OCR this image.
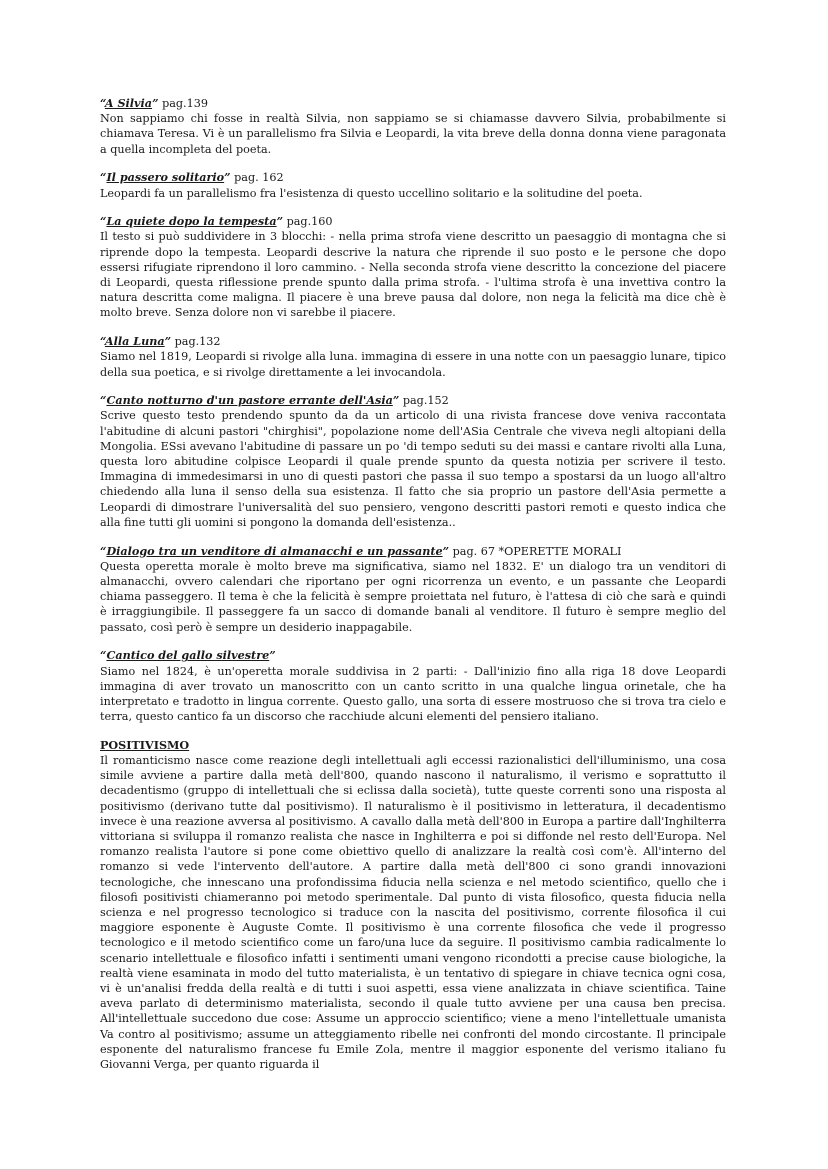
“A Silvia” pag.139

Non sappiamo chi fosse in realtà Silvia, non sappiamo se si chiamasse davvero Silvia, probabilmente si chiamava Teresa. Vi è un parallelismo fra Silvia e Leopardi, la vita breve della donna donna viene paragonata a quella incompleta del poeta.

“Il passero solitario” pag. 162

Leopardi fa un parallelismo fra l'esistenza di questo uccellino solitario e la solitudine del poeta.

“La quiete dopo la tempesta” pag.160

Il testo si può suddividere in 3 blocchi: - nella prima strofa viene descritto un paesaggio di montagna che si riprende dopo la tempesta. Leopardi descrive la natura che riprende il suo posto e le persone che dopo essersi rifugiate riprendono il loro cammino. - Nella seconda strofa viene descritto la concezione del piacere di Leopardi, questa riflessione prende spunto dalla prima strofa. - l'ultima strofa è una invettiva contro la natura descritta come maligna. Il piacere è una breve pausa dal dolore, non nega la felicità ma dice chè è molto breve. Senza dolore non vi sarebbe il piacere.

“Alla Luna” pag.132

Siamo nel 1819, Leopardi si rivolge alla luna. immagina di essere in una notte con un paesaggio lunare, tipico della sua poetica, e si rivolge direttamente a lei invocandola.

“Canto notturno d'un pastore errante dell'Asia” pag.152

Scrive questo testo prendendo spunto da da un articolo di una rivista francese dove veniva raccontata l'abitudine di alcuni pastori "chirghisi", popolazione nome dell'ASia Centrale che viveva negli altopiani della Mongolia. ESsi avevano l'abitudine di passare un po 'di tempo seduti su dei massi e cantare rivolti alla Luna, questa loro abitudine colpisce Leopardi il quale prende spunto da questa notizia per scrivere il testo. Immagina di immedesimarsi in uno di questi pastori che passa il suo tempo a spostarsi da un luogo all'altro chiedendo alla luna il senso della sua esistenza. Il fatto che sia proprio un pastore dell'Asia permette a Leopardi di dimostrare l'universalità del suo pensiero, vengono descritti pastori remoti e questo indica che alla fine tutti gli uomini si pongono la domanda dell'esistenza..

“Dialogo tra un venditore di almanacchi e un passante” pag. 67 *OPERETTE MORALI

Questa operetta morale è molto breve ma significativa, siamo nel 1832. E' un dialogo tra un venditori di almanacchi, ovvero calendari che riportano per ogni ricorrenza un evento, e un passante che Leopardi chiama passeggero. Il tema è che la felicità è sempre proiettata nel futuro, è l'attesa di ciò che sarà e quindi è irraggiungibile. Il passeggere fa un sacco di domande banali al venditore. Il futuro è sempre meglio del passato, così però è sempre un desiderio inappagabile.

“Cantico del gallo silvestre”

Siamo nel 1824, è un'operetta morale suddivisa in 2 parti: - Dall'inizio fino alla riga 18 dove Leopardi immagina di aver trovato un manoscritto con un canto scritto in una qualche lingua orinetale, che ha interpretato e tradotto in lingua corrente. Questo gallo, una sorta di essere mostruoso che si trova tra cielo e terra, questo cantico fa un discorso che racchiude alcuni elementi del pensiero italiano.

POSITIVISMO

Il romanticismo nasce come reazione degli intellettuali agli eccessi razionalistici dell'illuminismo, una cosa simile avviene a partire dalla metà dell'800, quando nascono il naturalismo, il verismo e soprattutto il decadentismo (gruppo di intellettuali che si eclissa dalla società), tutte queste correnti sono una risposta al positivismo (derivano tutte dal positivismo). Il naturalismo è il positivismo in letteratura, il decadentismo invece è una reazione avversa al positivismo. A cavallo dalla metà dell'800 in Europa a partire dall'Inghilterra vittoriana si sviluppa il romanzo realista che nasce in Inghilterra e poi si diffonde nel resto dell'Europa. Nel romanzo realista l'autore si pone come obiettivo quello di analizzare la realtà così com'è. All'interno del romanzo si vede l'intervento dell'autore. A partire dalla metà dell'800 ci sono grandi innovazioni tecnologiche, che innescano una profondissima fiducia nella scienza e nel metodo scientifico, quello che i filosofi positivisti chiameranno poi metodo sperimentale. Dal punto di vista filosofico, questa fiducia nella scienza e nel progresso tecnologico si traduce con la nascita del positivismo, corrente filosofica il cui maggiore esponente è Auguste Comte. Il positivismo è una corrente filosofica che vede il progresso tecnologico e il metodo scientifico come un faro/una luce da seguire. Il positivismo cambia radicalmente lo scenario intellettuale e filosofico infatti i sentimenti umani vengono ricondotti a precise cause biologiche, la realtà viene esaminata in modo del tutto materialista, è un tentativo di spiegare in chiave tecnica ogni cosa, vi è un'analisi fredda della realtà e di tutti i suoi aspetti, essa viene analizzata in chiave scientifica. Taine aveva parlato di determinismo materialista, secondo il quale tutto avviene per una causa ben precisa. All'intellettuale succedono due cose: Assume un approccio scientifico; viene a meno l'intellettuale umanista Va contro al positivismo; assume un atteggiamento ribelle nei confronti del mondo circostante. Il principale esponente del naturalismo francese fu Emile Zola, mentre il maggior esponente del verismo italiano fu Giovanni Verga, per quanto riguarda il
